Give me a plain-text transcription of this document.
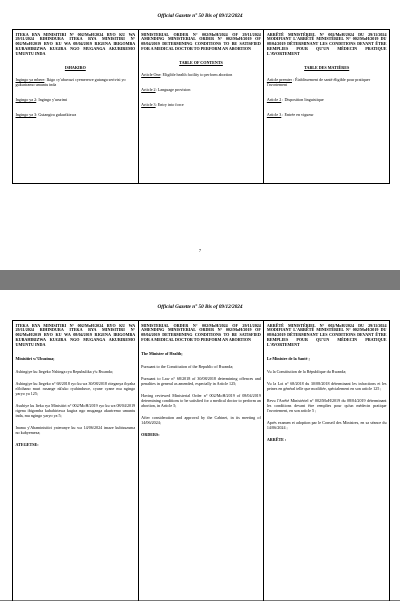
Official Gazette n° 50 Bis of 09/12/2024
ITEKA RYA MINISITIRI N° 002/MoH/2024 RYO KU WA 29/11/2024 RIHINDURA ITEKA RYA MINISITIRI N° 002/MoH/2019 RYO KU WA 08/04/2019 RIGENA IBIGOMBA KUBAHIRIZWA KUGIRA NGO MUGANGA AKURIREMO UMUNTU INDA
ISHAKIRO
Ingingo ya mbere: Ikigo cy'ubuvuzi cyemerewe gutanga serivisi yo gukuriramo umuntu inda
Ingingo ya 2: Ingingo y'ururimi
Ingingo ya 3: Gutangira gukurikizwa
MINISTERIAL ORDER N° 002/MoH/2024 OF 29/11/2024 AMENDING MINISTERIAL ORDER N° 002/MoH/2019 OF 08/04/2019 DETERMINING CONDITIONS TO BE SATISFIED FOR A MEDICAL DOCTOR TO PERFORM AN ABORTION
TABLE OF CONTENTS
Article One: Eligible health facility to perform abortion
Article 2: Language provision
Article 3: Entry into force
ARRÊTÉ MINISTÉRIEL N° 002/MoH/2024 DU 29/11/2024 MODIFIANT L'ARRÊTÉ MINISTÉRIEL N° 002/MoH/2019 DU 08/04/2019 DÉTERMINANT LES CONDITIONS DEVANT ÊTRE REMPLIES POUR QU'UN MÉDECIN PRATIQUE L'AVORTEMENT
TABLE DES MATIÈRES
Article premier : Établissement de santé éligible pour pratiquer l'avortement
Article 2 : Disposition linguistique
Article 3 : Entrée en vigueur
7
Official Gazette n° 50 Bis of 09/12/2024
ITEKA RYA MINISITIRI N° 002/MoH/2024 RYO KU WA 29/11/2024 RIHINDURA ITEKA RYA MINISITIRI N° 002/MoH/2019 RYO KU WA 08/04/2019 RIGENA IBIGOMBA KUBAHIRIZWA KUGIRA NGO MUGANGA AKURIREMO UMUNTU INDA
Minisitiri w'Ubuzima;
Ashingiye ku Itegeko Nshinga rya Repubulika y'u Rwanda;
Ashingiye ku Itegeko n° 68/2018 ryo ku wa 30/08/2018 riteganya ibyaha n'ibihano muri rusange nk'uko ryahinduwe, cyane cyane mu ngingo yaryo ya 125;
Asubiye ku Iteka rya Minisitiri n° 002/MoH/2019 ryo ku wa 08/04/2019 rigena ibigomba kubahirizwa kugira ngo muganga akuriremo umuntu inda, mu ngingo yaryo ya 5;
Inama y'Abaminisitiri yateranye ku wa 14/06/2024 imaze kubisuzuma no kubyemeza;
ATEGETSE:
MINISTERIAL ORDER N° 002/MoH/2024 OF 29/11/2024 AMENDING MINISTERIAL ORDER N° 002/MoH/2019 OF 08/04/2019 DETERMINING CONDITIONS TO BE SATISFIED FOR A MEDICAL DOCTOR TO PERFORM AN ABORTION
The Minister of Health;
Pursuant to the Constitution of the Republic of Rwanda;
Pursuant to Law n° 68/2018 of 30/08/2018 determining offences and penalties in general as amended, especially in Article 125;
Having reviewed Ministerial Order n° 002/MoH/2019 of 08/04/2019 determining conditions to be satisfied for a medical doctor to perform an abortion, in Article 5;
After consideration and approval by the Cabinet, in its meeting of 14/06/2024;
ORDERS:
ARRÊTÉ MINISTÉRIEL N° 002/MoH/2024 DU 29/11/2024 MODIFIANT L'ARRÊTÉ MINISTÉRIEL N° 002/MoH/2019 DU 08/04/2019 DÉTERMINANT LES CONDITIONS DEVANT ÊTRE REMPLIES POUR QU'UN MÉDECIN PRATIQUE L'AVORTEMENT
Le Ministre de la Santé ;
Vu la Constitution de la République du Rwanda;
Vu la Loi n° 68/2018 du 30/08/2018 déterminant les infractions et les peines en général telle que modifiée, spécialement en son article 125 ;
Revu l'Arrêté Ministériel n° 002/MoH/2019 du 08/04/2019 déterminant les conditions devant être remplies pour qu'un médecin pratique l'avortement, en son article 5 ;
Après examen et adoption par le Conseil des Ministres, en sa séance du 14/06/2024 ;
ARRÊTE :
